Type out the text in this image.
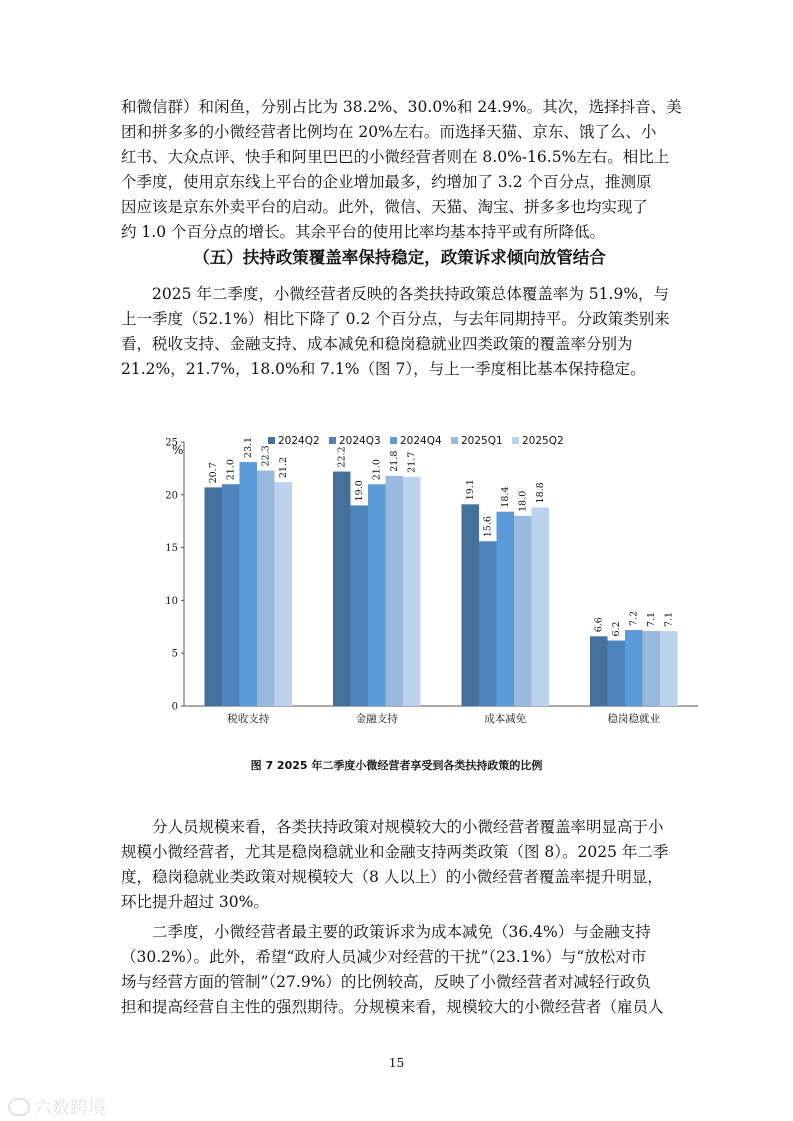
和微信群）和闲鱼，分别占比为 38.2%、30.0%和 24.9%。其次，选择抖音、美
团和拼多多的小微经营者比例均在 20%左右。而选择天猫、京东、饿了么、小
红书、大众点评、快手和阿里巴巴的小微经营者则在 8.0%-16.5%左右。相比上
个季度，使用京东线上平台的企业增加最多，约增加了 3.2 个百分点，推测原
因应该是京东外卖平台的启动。此外，微信、天猫、淘宝、拼多多也均实现了
约 1.0 个百分点的增长。其余平台的使用比率均基本持平或有所降低。
（五）扶持政策覆盖率保持稳定，政策诉求倾向放管结合
2025 年二季度，小微经营者反映的各类扶持政策总体覆盖率为 51.9%，与
上一季度（52.1%）相比下降了 0.2 个百分点，与去年同期持平。分政策类别来
看，税收支持、金融支持、成本减免和稳岗稳就业四类政策的覆盖率分别为
21.2%，21.7%，18.0%和 7.1%（图 7），与上一季度相比基本保持稳定。
%
0
5
10
15
20
25
20.7 21.0
23.1 22.3
21.2
税收支持
22.2
19.0
21.0 21.8 21.7
金融支持
19.1
15.6
18.4 18.0 18.8
成本减免
6.6 6.2
7.2 7.1 7.1
稳岗稳就业
2024Q2 2024Q3 2024Q4 2025Q1 2025Q2
图 7 2025 年二季度小微经营者享受到各类扶持政策的比例
分人员规模来看，各类扶持政策对规模较大的小微经营者覆盖率明显高于小
规模小微经营者，尤其是稳岗稳就业和金融支持两类政策（图 8）。2025 年二季
度，稳岗稳就业类政策对规模较大（8 人以上）的小微经营者覆盖率提升明显，
环比提升超过 30%。
二季度，小微经营者最主要的政策诉求为成本减免（36.4%）与金融支持
（30.2%）。此外，希望“政府人员减少对经营的干扰”（23.1%）与“放松对市
场与经营方面的管制”（27.9%）的比例较高，反映了小微经营者对减轻行政负
担和提高经营自主性的强烈期待。分规模来看，规模较大的小微经营者（雇员人
15
六数跨境
